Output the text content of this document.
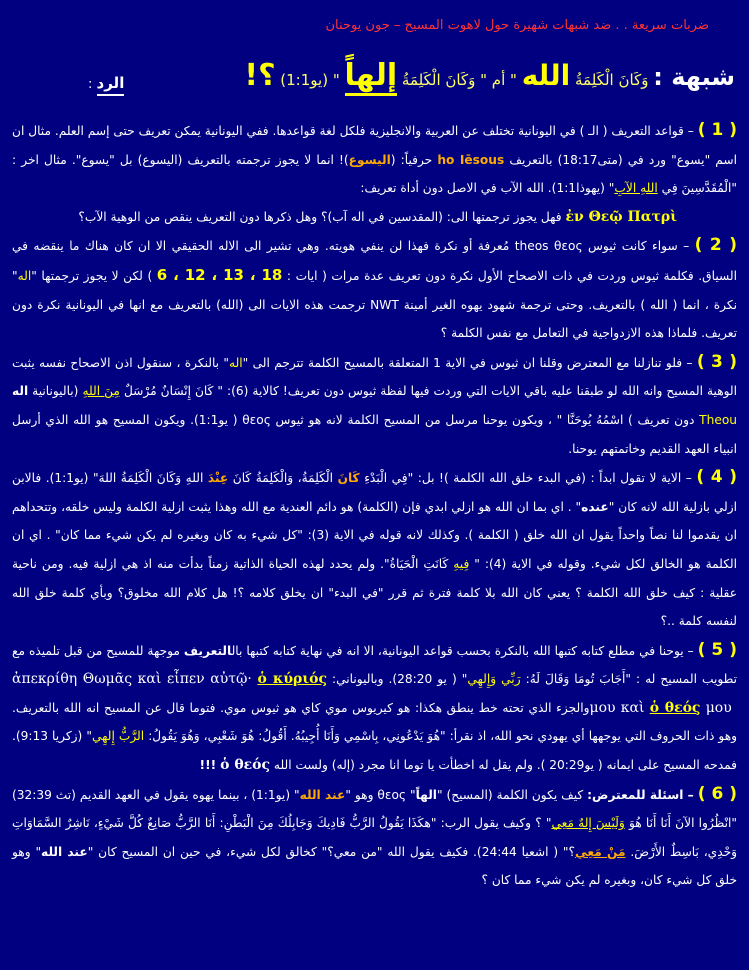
ضربات سريعة . . ضد شبهات شهيرة حول لاهوت المسيح – جون يوحنان
شبهة : وَكَانَ الْكَلِمَةُ الله " أم " وَكَانَ الْكَلِمَةُ إلهاً " (يو1:1) ؟!
الرد :

( 1 ) – قواعد التعريف ( الـ ) في اليونانية تختلف عن العربية والانجليزية فلكل لغة قواعدها. ففي اليونانية يمكن تعريف حتى إسم العلم. مثال ان اسم "يسوع" ورد في (متى18:17) بالتعريف ho Iēsous حرفياً: (اليسوع)! انما لا يجوز ترجمته بالتعريف (اليسوع) بل "يسوع". مثال اخر : "الْمُقَدَّسِينَ فِي اللهِ الآبِ" (يهوذا1:1). الله الآب في الاصل دون أداة تعريف:

ἐν Θεῷ Πατρὶ فهل يجوز ترجمتها الى: (المقدسين في اله آب)؟ وهل ذكرها دون التعريف ينقص من الوهية الآب؟

( 2 ) – سواء كانت ثيوس theos θεος مُعرفة أو نكرة فهذا لن ينفي هويته. وهي تشير الى الاله الحقيقي الا ان كان هناك ما ينقضه في السياق. فكلمة ثيوس وردت في ذات الاصحاح الأول نكرة دون تعريف عدة مرات ( ايات : 6 ، 12 ، 13 ، 18 ) لكن لا يجوز ترجمتها "اله" نكرة ، انما ( الله ) بالتعريف. وحتى ترجمة شهود يهوه الغير أمينة NWT ترجمت هذه الايات الى (الله) بالتعريف مع انها في اليونانية نكرة دون تعريف. فلماذا هذه الازدواجية في التعامل مع نفس الكلمة ؟

( 3 ) – فلو تنازلنا مع المعترض وقلنا ان ثيوس في الاية 1 المتعلقة بالمسيح الكلمة تترجم الى "اله" بالنكرة ، سنقول اذن الاصحاح نفسه يثبت الوهية المسيح وانه الله لو طبقنا عليه باقي الايات التي وردت فيها لفظة ثيوس دون تعريف! كالاية (6): " كَانَ إِنْسَانٌ مُرْسَلٌ مِنَ اللهِ (باليونانية اله Theou دون تعريف ) اسْمُهُ يُوحَنَّا " ، ويكون يوحنا مرسل من المسيح الكلمة لانه هو ثيوس θεος ( يو1:1). ويكون المسيح هو الله الذي أرسل انبياء العهد القديم وخاتمتهم يوحنا.

( 4 ) – الاية لا تقول ابداً : (في البدء خلق الله الكلمة )! بل: "فِي الْبَدْءِ كَانَ الْكَلِمَةُ، وَالْكَلِمَةُ كَانَ عِنْدَ اللهِ وَكَانَ الْكَلِمَةُ اللهَ" (يو1:1). فالابن ازلي بازلية الله لانه كان "عنده" . اي بما ان الله هو ازلي ابدي فإن (الكلمة) هو دائم العندية مع الله وهذا يثبت ازلية الكلمة وليس خلقه، وتتحداهم ان يقدموا لنا نصاً واحداً يقول ان الله خلق ( الكلمة ). وكذلك لانه قوله في الاية (3): "كل شيء به كان وبغيره لم يكن شيء مما كان" . اي ان الكلمة هو الخالق لكل شيء. وقوله في الاية (4): " فِيهِ كَانَتِ الْحَيَاةُ". ولم يحدد لهذه الحياة الذاتية زمناً بدأت منه اذ هي ازلية فيه. ومن ناحية عقلية : كيف خلق الله الكلمة ؟ يعني كان الله بلا كلمة فترة ثم قرر "في البدء" ان يخلق كلامه ؟! هل كلام الله مخلوق؟ وبأي كلمة خلق الله لنفسه كلمة ..؟

( 5 ) – يوحنا في مطلع كتابه كتبها الله بالنكرة بحسب قواعد اليونانية، الا انه في نهاية كتابه كتبها بالالتعريف موجهة للمسيح من قبل تلميذه مع تطويب المسيح له : "أَجَابَ تُومَا وَقَالَ لَهُ: رَبِّي وَإِلهِي" ( يو 28:20). وباليوناني: ἀπεκρίθη Θωμᾶς καὶ εἶπεν αὐτῷ· ὁ κύριός μου καὶ ὁ θεός μου والجزء الذي تحته خط ينطق هكذا: هو كيريوس موي كاي هو ثيوس موي. فتوما قال عن المسيح انه الله بالتعريف. وهو ذات الحروف التي يوجهها أي يهودي نحو الله، اذ نقرأ: "هُوَ يَدْعُونِي، بِاسْمِي وَأَنَا أُجِيبُهُ. أَقُولُ: هُوَ شَعْبِي، وَهُوَ يَقُولُ: الرَّبُّ إِلهِي" (زكريا 9:13). فمدحه المسيح على ايمانه ( يو20:29 ). ولم يقل له اخطأت يا توما انا مجرد (إله) ولست الله ὁ θεός !!!

( 6 ) – اسئلة للمعترض: كيف يكون الكلمة (المسيح) "الهاً" θεος وهو "عند الله" (يو1:1) ، بينما يهوه يقول في العهد القديم (تث 32:39) "انْظُرُوا الآنَ أَنَا أَنَا هُوَ وَلَيْسَ إِلهٌ مَعِي" ؟ وكيف يقول الرب: "هكَذَا يَقُولُ الرَّبُّ فَادِيكَ وَجَابِلُكَ مِنَ الْبَطْنِ: أَنَا الرَّبُّ صَانِعٌ كُلَّ شَيْءٍ، نَاشِرٌ السَّمَاوَاتِ وَحْدِي، بَاسِطٌ الأَرْضَ. مَنْ مَعِي؟" ( اشعيا 24:44). فكيف يقول الله "من معي؟" كخالق لكل شيء، في حين ان المسيح كان "عند الله" وهو خلق كل شيء كان، وبغيره لم يكن شيء مما كان ؟
